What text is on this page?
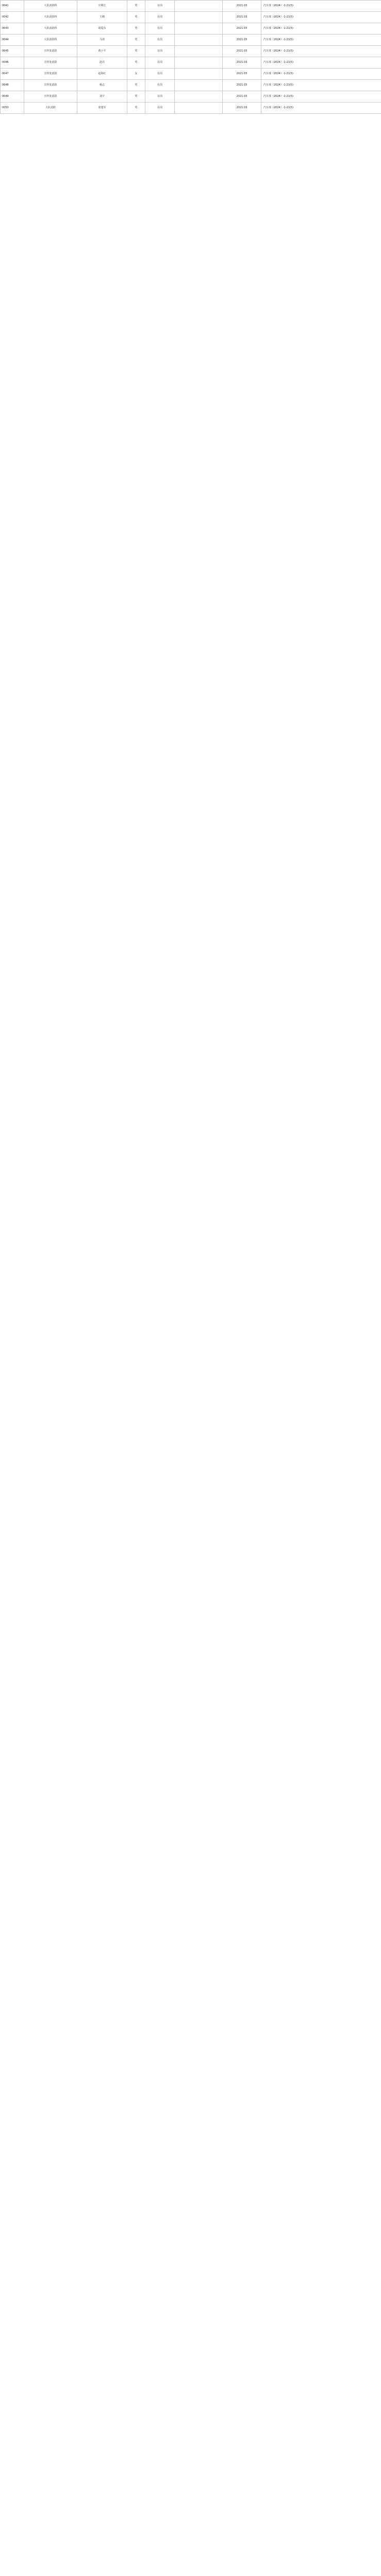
0041	大队消防科	甘利江	男	在岗		2021.03	汽车部（2024）-1-21(5)
0042	大队消防科	王刚	男	在岗		2021.03	汽车部（2024）-1-21(5)
0043	大队消防科	胡爱东	男	在岗		2021.03	汽车部（2024）-1-21(5)
0044	大队消防科	马清	男	在岗		2021.03	汽车部（2024）-1-21(5)
0045	宣传处消防	黄小平	男	在岗		2021.03	汽车部（2024）-1-21(5)
0046	宣传处消防	赵亮	男	在岗		2021.03	汽车部（2024）-1-21(5)
0047	宣传处消防	赵海红	女	在岗		2021.03	汽车部（2024）-1-21(5)
0048	宣传处消防	杨志	男	在岗		2021.03	汽车部（2024）-1-21(5)
0049	宣传处消防	刘宇	男	在岗		2021.03	汽车部（2024）-1-21(5)
0050	大队消防	张建军	男	在岗		2021.03	汽车部（2024）-1-21(5)
